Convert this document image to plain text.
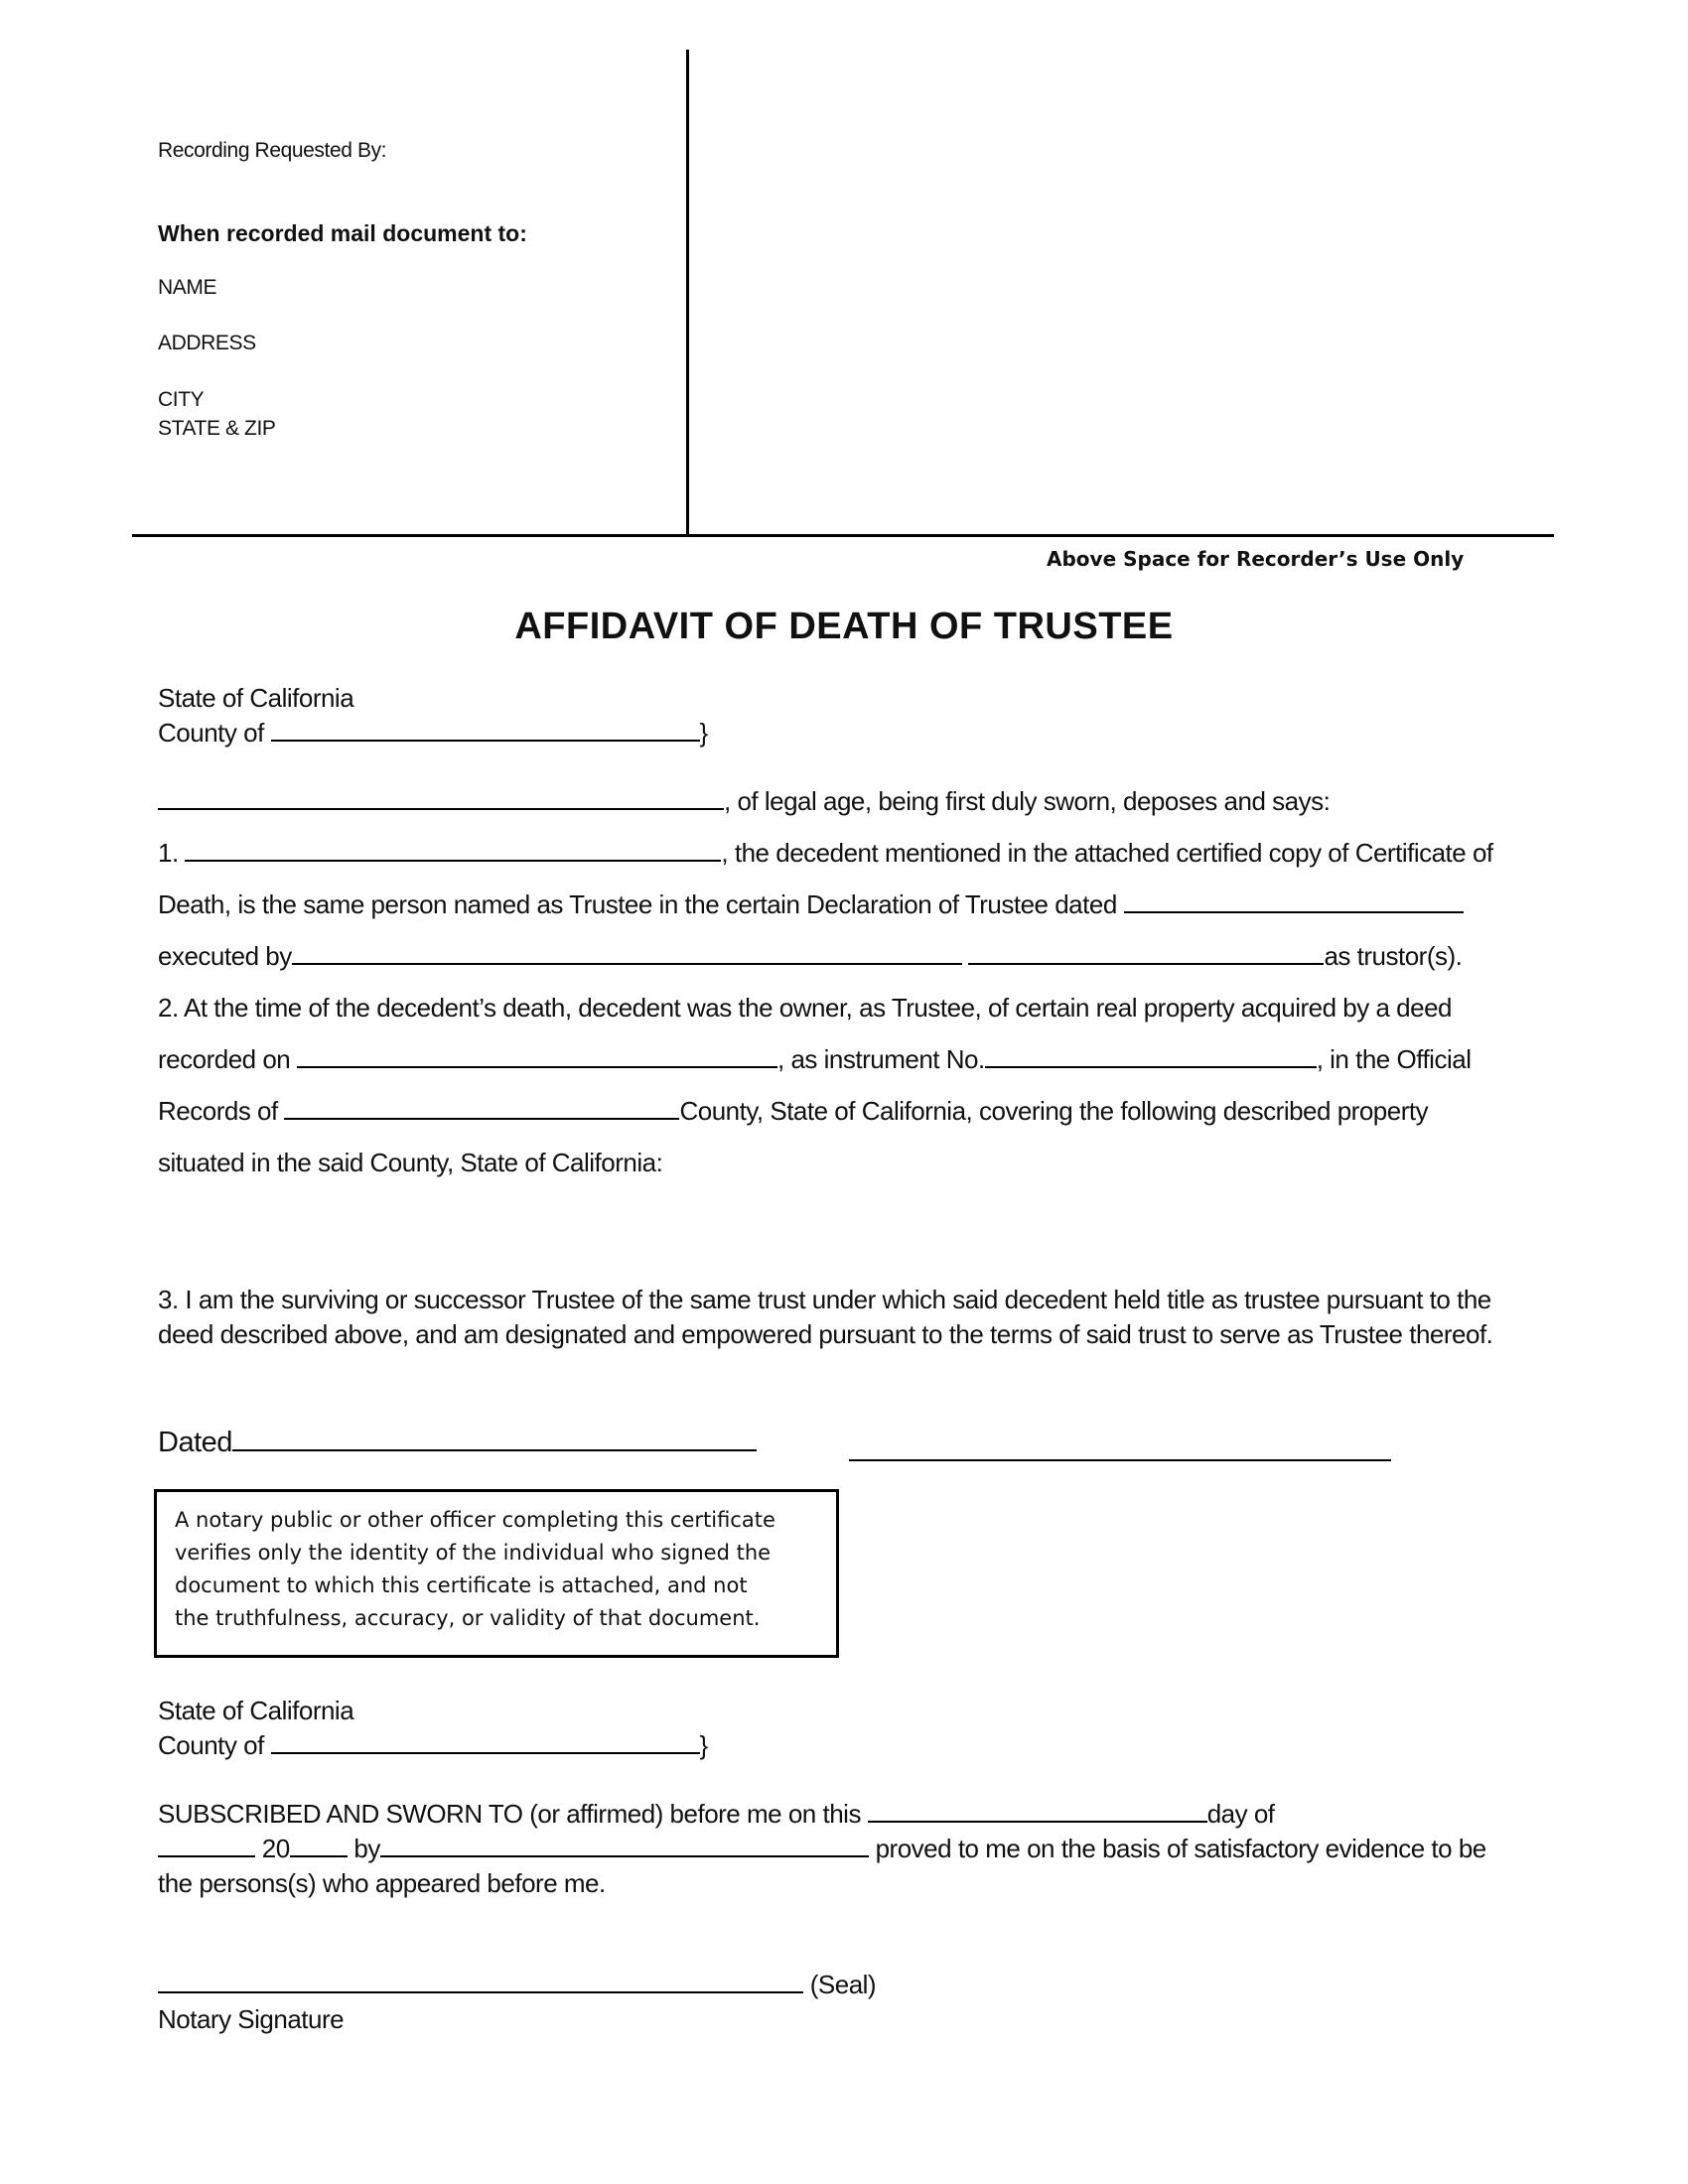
Recording Requested By:
When recorded mail document to:
NAME
ADDRESS
CITY
STATE & ZIP
Above Space for Recorder’s Use Only
AFFIDAVIT OF DEATH OF TRUSTEE
State of California
County of	}
, of legal age, being first duly sworn, deposes and says:
1.	, the decedent mentioned in the attached certified copy of Certificate of
Death, is the same person named as Trustee in the certain Declaration of Trustee dated
executed by	as trustor(s).
2. At the time of the decedent’s death, decedent was the owner, as Trustee, of certain real property acquired by a deed
recorded on	, as instrument No.	, in the Official
Records of	County, State of California, covering the following described property
situated in the said County, State of California:
3. I am the surviving or successor Trustee of the same trust under which said decedent held title as trustee pursuant to the
deed described above, and am designated and empowered pursuant to the terms of said trust to serve as Trustee thereof.
Dated
A notary public or other officer completing this certificate
verifies only the identity of the individual who signed the
document to which this certificate is attached, and not
the truthfulness, accuracy, or validity of that document.
State of California
County of	}
SUBSCRIBED AND SWORN TO (or affirmed) before me on this	day of
20 by	proved to me on the basis of satisfactory evidence to be
the persons(s) who appeared before me.
(Seal)
Notary Signature
